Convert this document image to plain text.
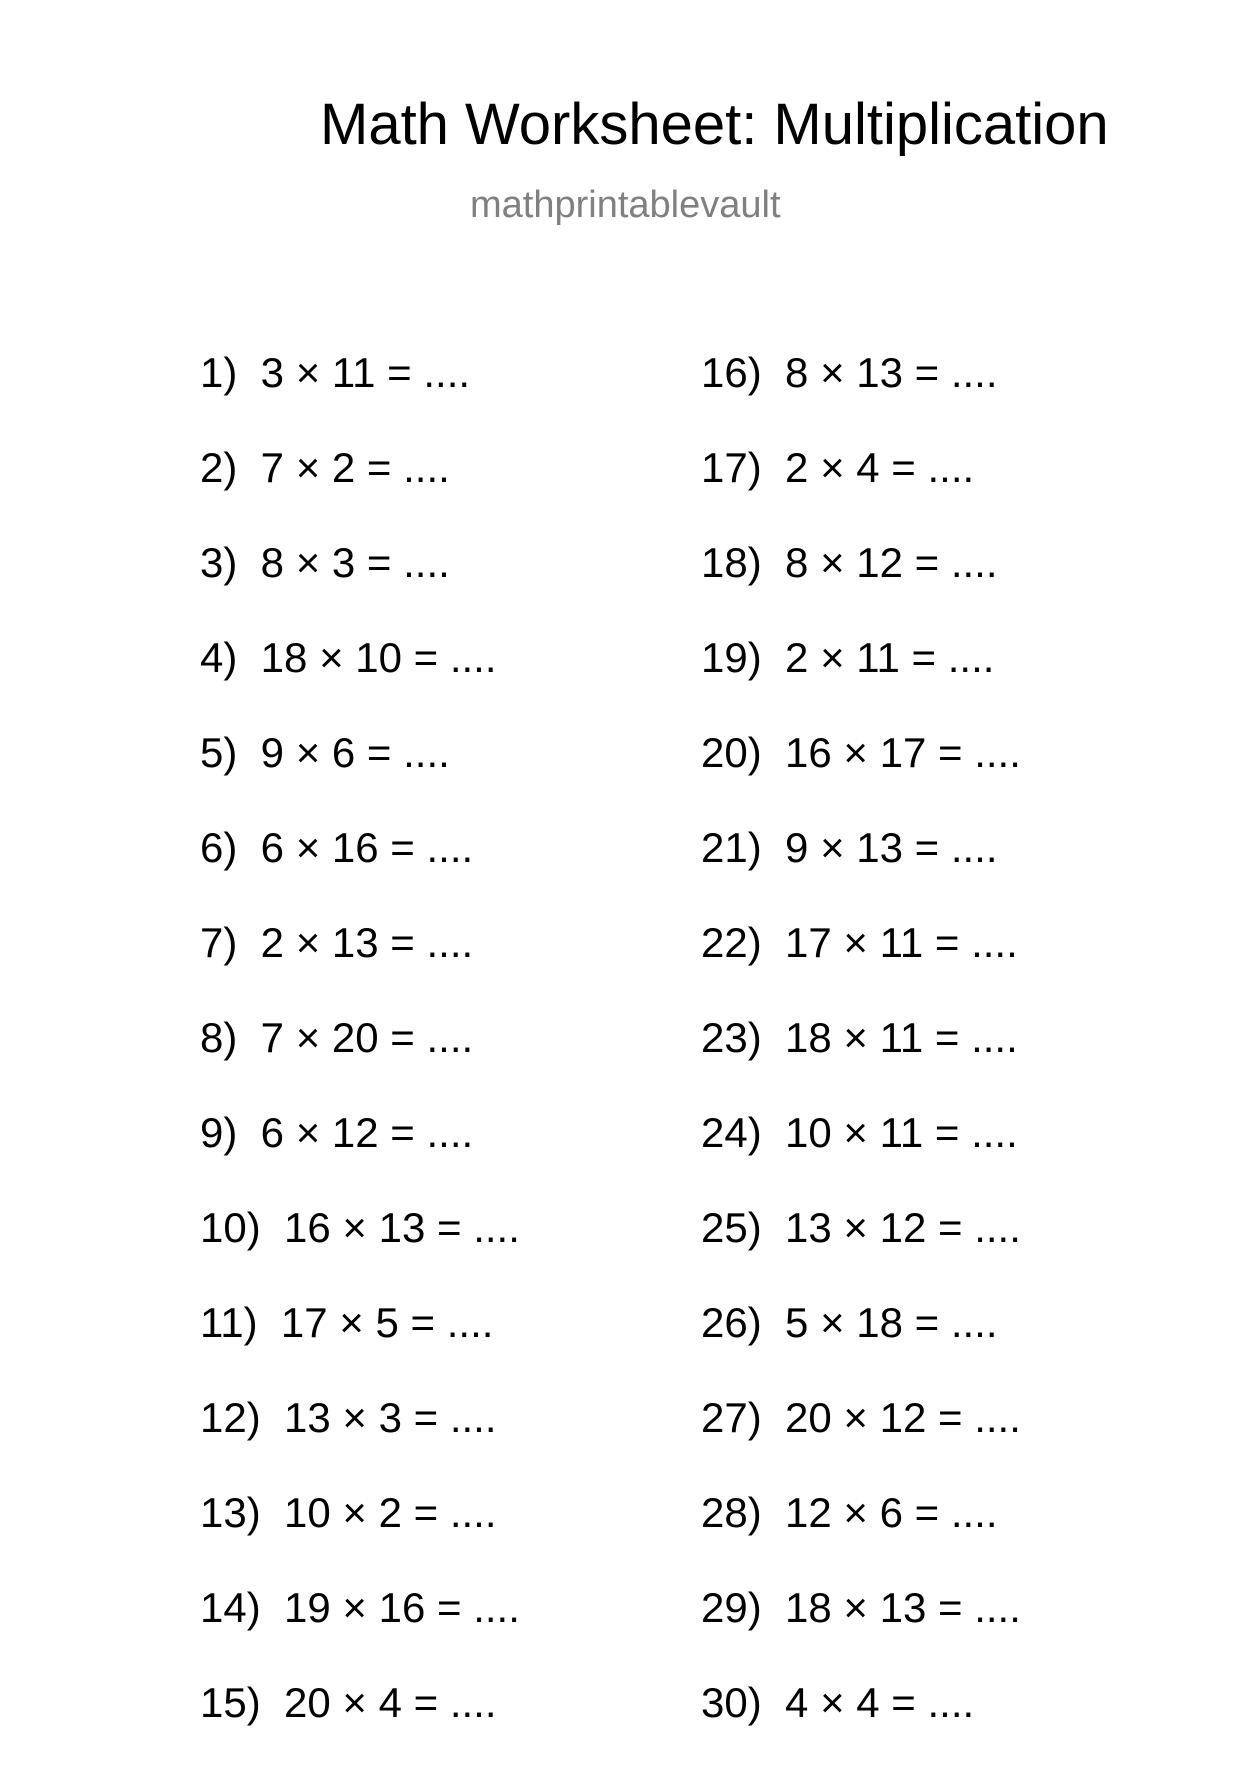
Math Worksheet: Multiplication
mathprintablevault
1)  3 × 11 = ....
2)  7 × 2 = ....
3)  8 × 3 = ....
4)  18 × 10 = ....
5)  9 × 6 = ....
6)  6 × 16 = ....
7)  2 × 13 = ....
8)  7 × 20 = ....
9)  6 × 12 = ....
10)  16 × 13 = ....
11)  17 × 5 = ....
12)  13 × 3 = ....
13)  10 × 2 = ....
14)  19 × 16 = ....
15)  20 × 4 = ....
16)  8 × 13 = ....
17)  2 × 4 = ....
18)  8 × 12 = ....
19)  2 × 11 = ....
20)  16 × 17 = ....
21)  9 × 13 = ....
22)  17 × 11 = ....
23)  18 × 11 = ....
24)  10 × 11 = ....
25)  13 × 12 = ....
26)  5 × 18 = ....
27)  20 × 12 = ....
28)  12 × 6 = ....
29)  18 × 13 = ....
30)  4 × 4 = ....
